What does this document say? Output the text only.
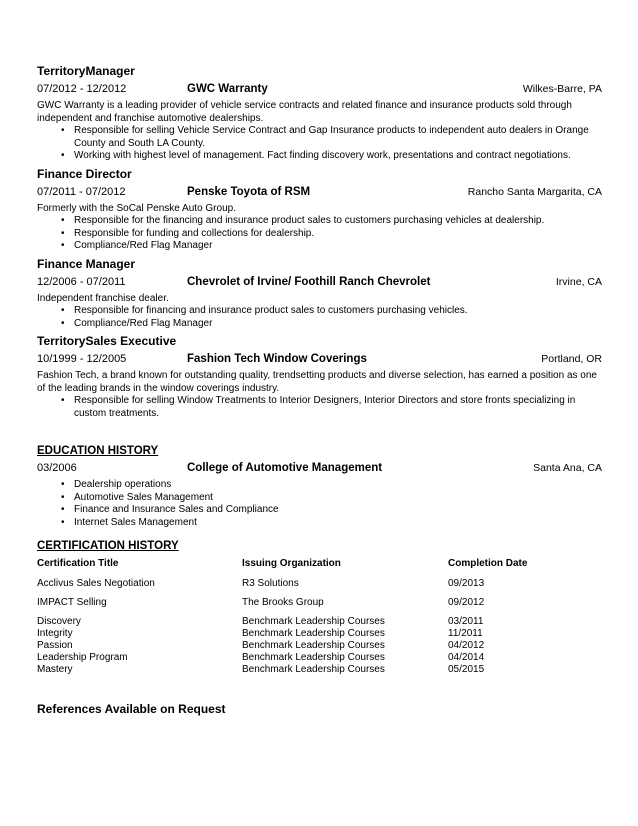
TerritoryManager
07/2012 - 12/2012	GWC Warranty	Wilkes-Barre, PA
GWC Warranty is a leading provider of vehicle service contracts and related finance and insurance products sold through independent and franchise automotive dealerships.
• Responsible for selling Vehicle Service Contract and Gap Insurance products to independent auto dealers in Orange County and South LA County.
• Working with highest level of management. Fact finding discovery work, presentations and contract negotiations.
Finance Director
07/2011 - 07/2012	Penske Toyota of RSM	Rancho Santa Margarita, CA
Formerly with the SoCal Penske Auto Group.
• Responsible for the financing and insurance product sales to customers purchasing vehicles at dealership.
• Responsible for funding and collections for dealership.
• Compliance/Red Flag Manager
Finance Manager
12/2006 - 07/2011	Chevrolet of Irvine/ Foothill Ranch Chevrolet	Irvine, CA
Independent franchise dealer.
• Responsible for financing and insurance product sales to customers purchasing vehicles.
• Compliance/Red Flag Manager
TerritorySales Executive
10/1999 - 12/2005	Fashion Tech Window Coverings	Portland, OR
Fashion Tech, a brand known for outstanding quality, trendsetting products and diverse selection, has earned a position as one of the leading brands in the window coverings industry.
• Responsible for selling Window Treatments to Interior Designers, Interior Directors and store fronts specializing in custom treatments.
EDUCATION HISTORY
03/2006	College of Automotive Management	Santa Ana, CA
• Dealership operations
• Automotive Sales Management
• Finance and Insurance Sales and Compliance
• Internet Sales Management
CERTIFICATION HISTORY
Certification Title	Issuing Organization	Completion Date
Acclivus Sales Negotiation	R3 Solutions	09/2013
IMPACT Selling	The Brooks Group	09/2012
Discovery	Benchmark Leadership Courses	03/2011
Integrity	Benchmark Leadership Courses	11/2011
Passion	Benchmark Leadership Courses	04/2012
Leadership Program	Benchmark Leadership Courses	04/2014
Mastery	Benchmark Leadership Courses	05/2015
References Available on Request
